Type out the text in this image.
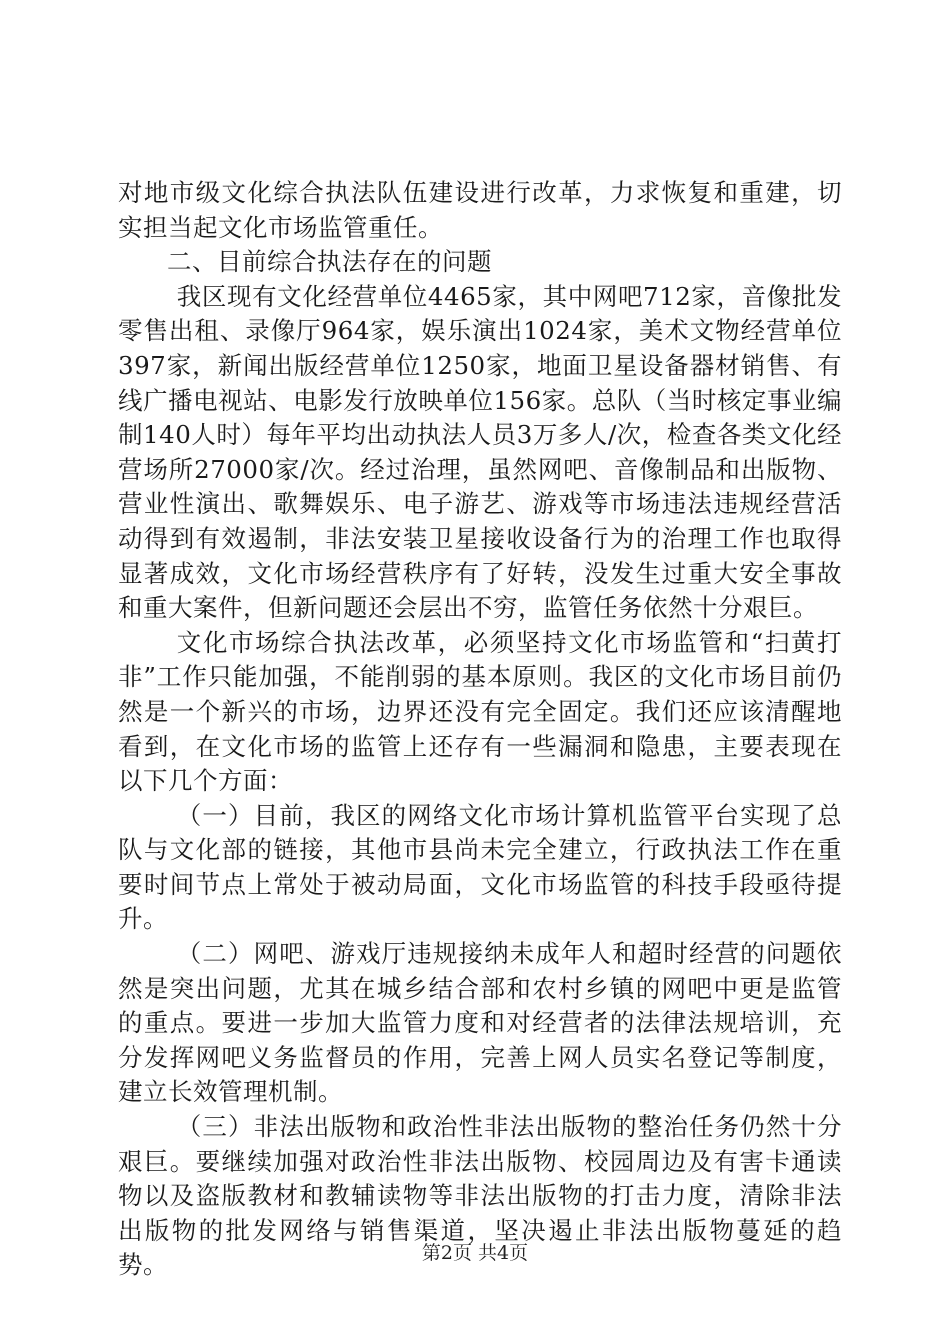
对地市级文化综合执法队伍建设进行改革，力求恢复和重建，切实担当起文化市场监管重任。

二、目前综合执法存在的问题

我区现有文化经营单位4465家，其中网吧712家，音像批发零售出租、录像厅964家，娱乐演出1024家，美术文物经营单位397家，新闻出版经营单位1250家，地面卫星设备器材销售、有线广播电视站、电影发行放映单位156家。总队（当时核定事业编制140人时）每年平均出动执法人员3万多人/次，检查各类文化经营场所27000家/次。经过治理，虽然网吧、音像制品和出版物、营业性演出、歌舞娱乐、电子游艺、游戏等市场违法违规经营活动得到有效遏制，非法安装卫星接收设备行为的治理工作也取得显著成效，文化市场经营秩序有了好转，没发生过重大安全事故和重大案件，但新问题还会层出不穷，监管任务依然十分艰巨。

文化市场综合执法改革，必须坚持文化市场监管和“扫黄打非”工作只能加强，不能削弱的基本原则。我区的文化市场目前仍然是一个新兴的市场，边界还没有完全固定。我们还应该清醒地看到，在文化市场的监管上还存有一些漏洞和隐患，主要表现在以下几个方面：

（一）目前，我区的网络文化市场计算机监管平台实现了总队与文化部的链接，其他市县尚未完全建立，行政执法工作在重要时间节点上常处于被动局面，文化市场监管的科技手段亟待提升。

（二）网吧、游戏厅违规接纳未成年人和超时经营的问题依然是突出问题，尤其在城乡结合部和农村乡镇的网吧中更是监管的重点。要进一步加大监管力度和对经营者的法律法规培训，充分发挥网吧义务监督员的作用，完善上网人员实名登记等制度，建立长效管理机制。

（三）非法出版物和政治性非法出版物的整治任务仍然十分艰巨。要继续加强对政治性非法出版物、校园周边及有害卡通读物以及盗版教材和教辅读物等非法出版物的打击力度，清除非法出版物的批发网络与销售渠道，坚决遏止非法出版物蔓延的趋势。	第2页 共4页
